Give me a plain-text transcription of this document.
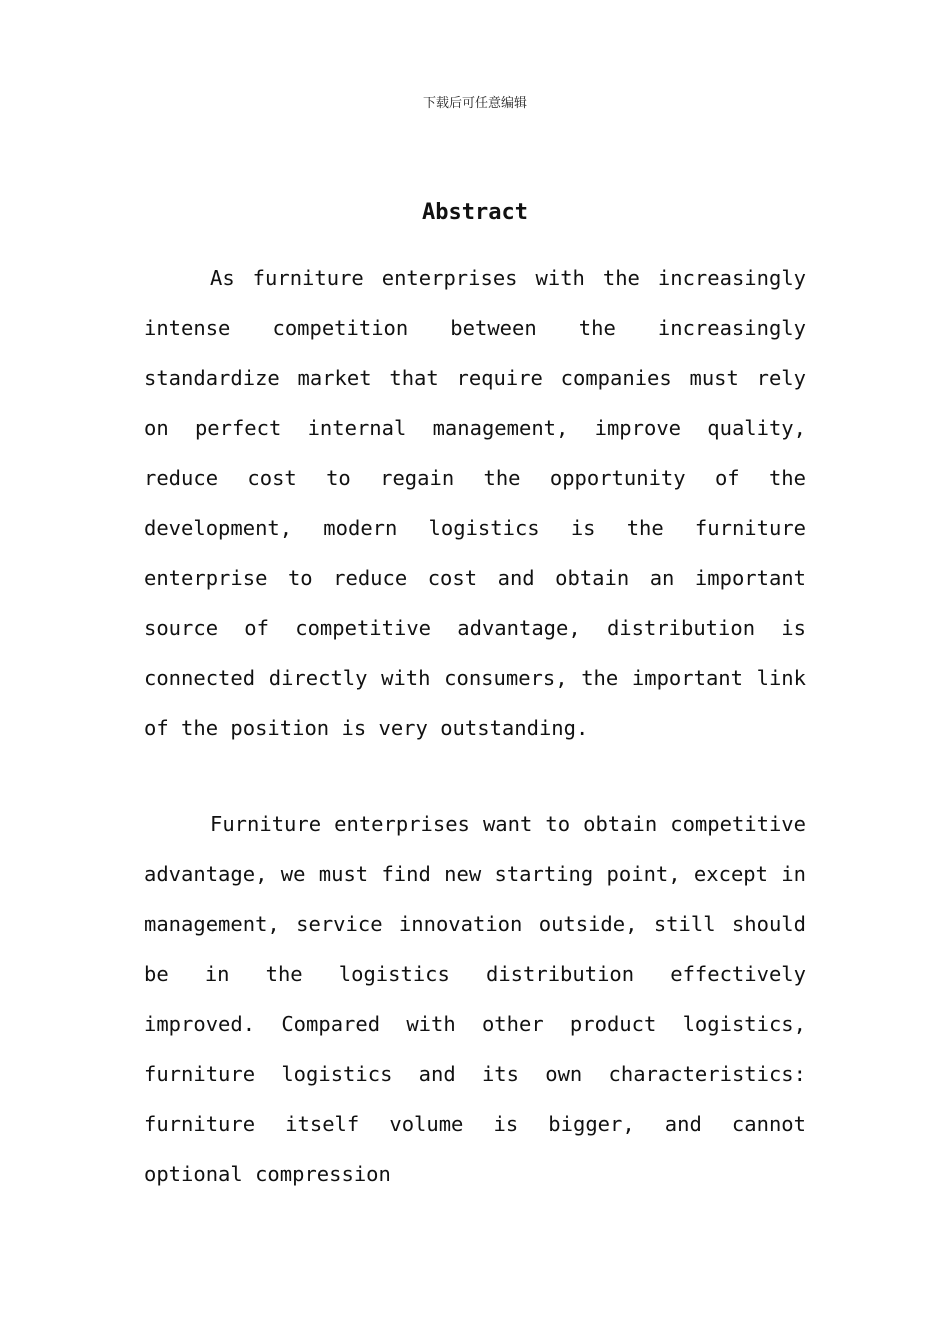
下载后可任意编辑
Abstract

As furniture enterprises with the increasingly intense competition between the increasingly standardize market that require companies must rely on perfect internal management, improve quality, reduce cost to regain the opportunity of the development, modern logistics is the furniture enterprise to reduce cost and obtain an important source of competitive advantage, distribution is connected directly with consumers, the important link of the position is very outstanding.

Furniture enterprises want to obtain competitive advantage, we must find new starting point, except in management, service innovation outside, still should be in the logistics distribution effectively improved. Compared with other product logistics, furniture logistics and its own characteristics: furniture itself volume is bigger, and cannot optional compression
